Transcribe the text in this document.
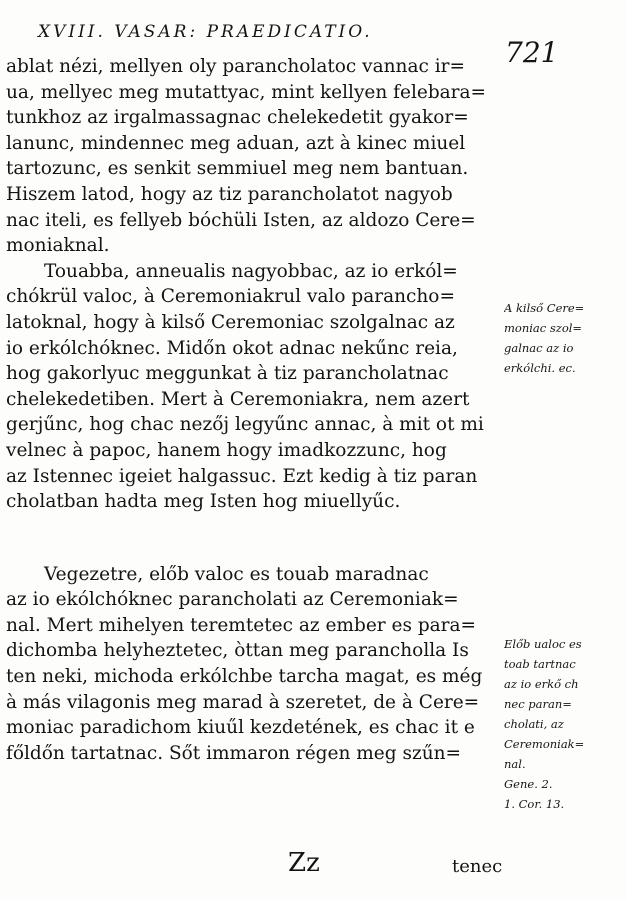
XVIII. VASAR: PRAEDICATIO.
721
ablat nézi, mellyen oly parancholatoc vannac ir=
ua, mellyec meg mutattyac, mint kellyen felebara=
tunkhoz az irgalmassagnac chelekedetit gyakor=
lanunc, mindennec meg aduan, azt à kinec miuel
tartozunc, es senkit semmiuel meg nem bantuan.
Hiszem latod, hogy az tiz parancholatot nagyob
nac iteli, es fellyeb bóchüli Isten, az aldozo Cere=
moniaknal.
Touabba, anneualis nagyobbac, az io erkól=
chókrül valoc, à Ceremoniakrul valo parancho=
latoknal, hogy à kilső Ceremoniac szolgalnac az
io erkólchóknec. Midőn okot adnac nekűnc reia,
hog gakorlyuc meggunkat à tiz parancholatnac
chelekedetiben. Mert à Ceremoniakra, nem azert
gerjűnc, hog chac nezőj legyűnc annac, à mit ot mi
velnec à papoc, hanem hogy imadkozzunc, hog
az Istennec igeiet halgassuc. Ezt kedig à tiz paran
cholatban hadta meg Isten hog miuellyűc.
Vegezetre, előb valoc es touab maradnac
az io ekólchóknec parancholati az Ceremoniak=
nal. Mert mihelyen teremtetec az ember es para=
dichomba helyheztetec, òttan meg parancholla Is
ten neki, michoda erkólchbe tarcha magat, es még
à más vilagonis meg marad à szeretet, de à Cere=
moniac paradichom kiuűl kezdetének, es chac it e
főldőn tartatnac. Sőt immaron régen meg szűn=
A kilső Cere=
moniac szol=
galnac az io
erkólchi. ec.
Előb ualoc es
toab tartnac
az io erkő ch
nec paran=
cholati, az
Ceremoniak=
nal.
Gene. 2.
1. Cor. 13.
Zz	tenec
